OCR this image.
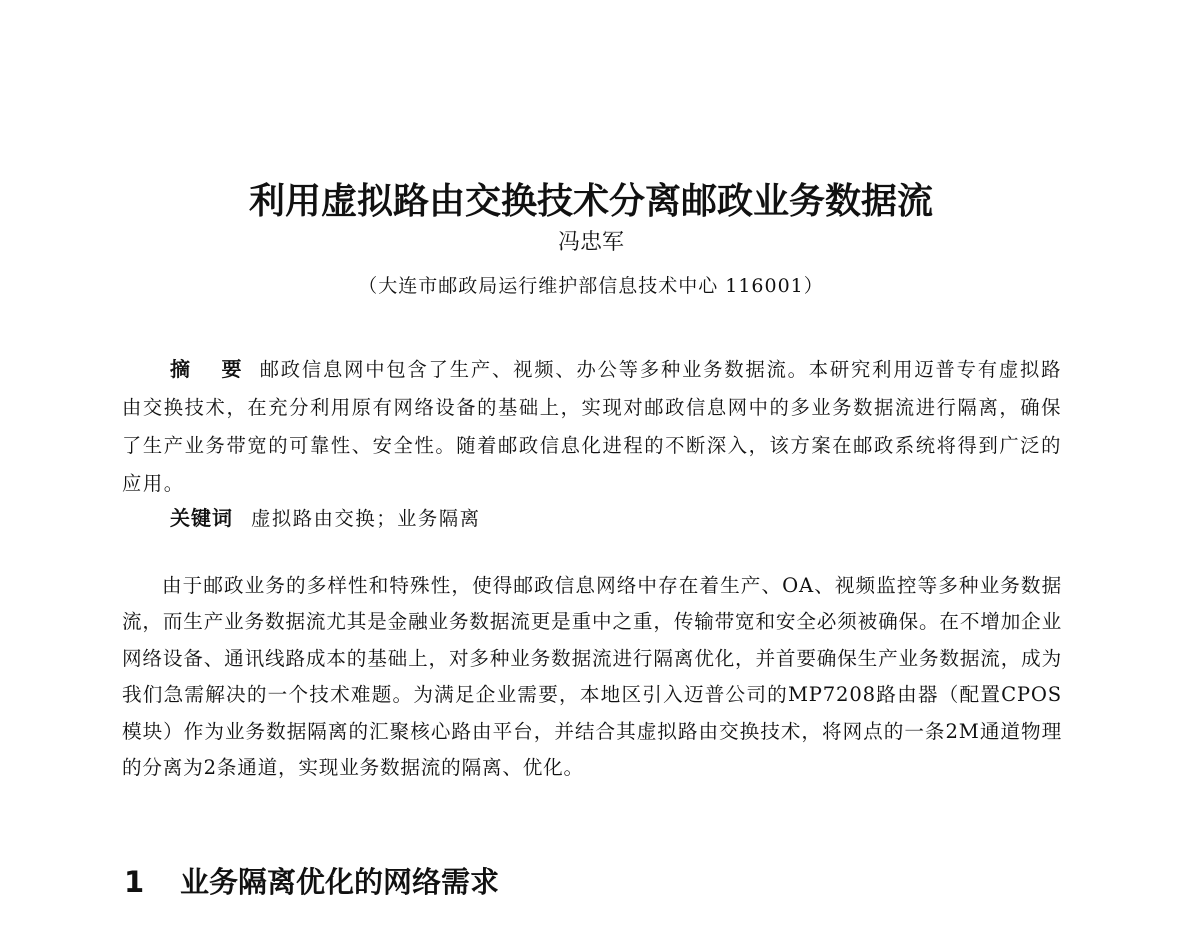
利用虚拟路由交换技术分离邮政业务数据流
冯忠军
（大连市邮政局运行维护部信息技术中心 116001）
摘 要 邮政信息网中包含了生产、视频、办公等多种业务数据流。本研究利用迈普专有虚拟路由交换技术，在充分利用原有网络设备的基础上，实现对邮政信息网中的多业务数据流进行隔离，确保了生产业务带宽的可靠性、安全性。随着邮政信息化进程的不断深入，该方案在邮政系统将得到广泛的应用。
关键词 虚拟路由交换；业务隔离
由于邮政业务的多样性和特殊性，使得邮政信息网络中存在着生产、OA、视频监控等多种业务数据流，而生产业务数据流尤其是金融业务数据流更是重中之重，传输带宽和安全必须被确保。在不增加企业网络设备、通讯线路成本的基础上，对多种业务数据流进行隔离优化，并首要确保生产业务数据流，成为我们急需解决的一个技术难题。为满足企业需要，本地区引入迈普公司的MP7208路由器（配置CPOS模块）作为业务数据隔离的汇聚核心路由平台，并结合其虚拟路由交换技术，将网点的一条2M通道物理的分离为2条通道，实现业务数据流的隔离、优化。
1 业务隔离优化的网络需求
